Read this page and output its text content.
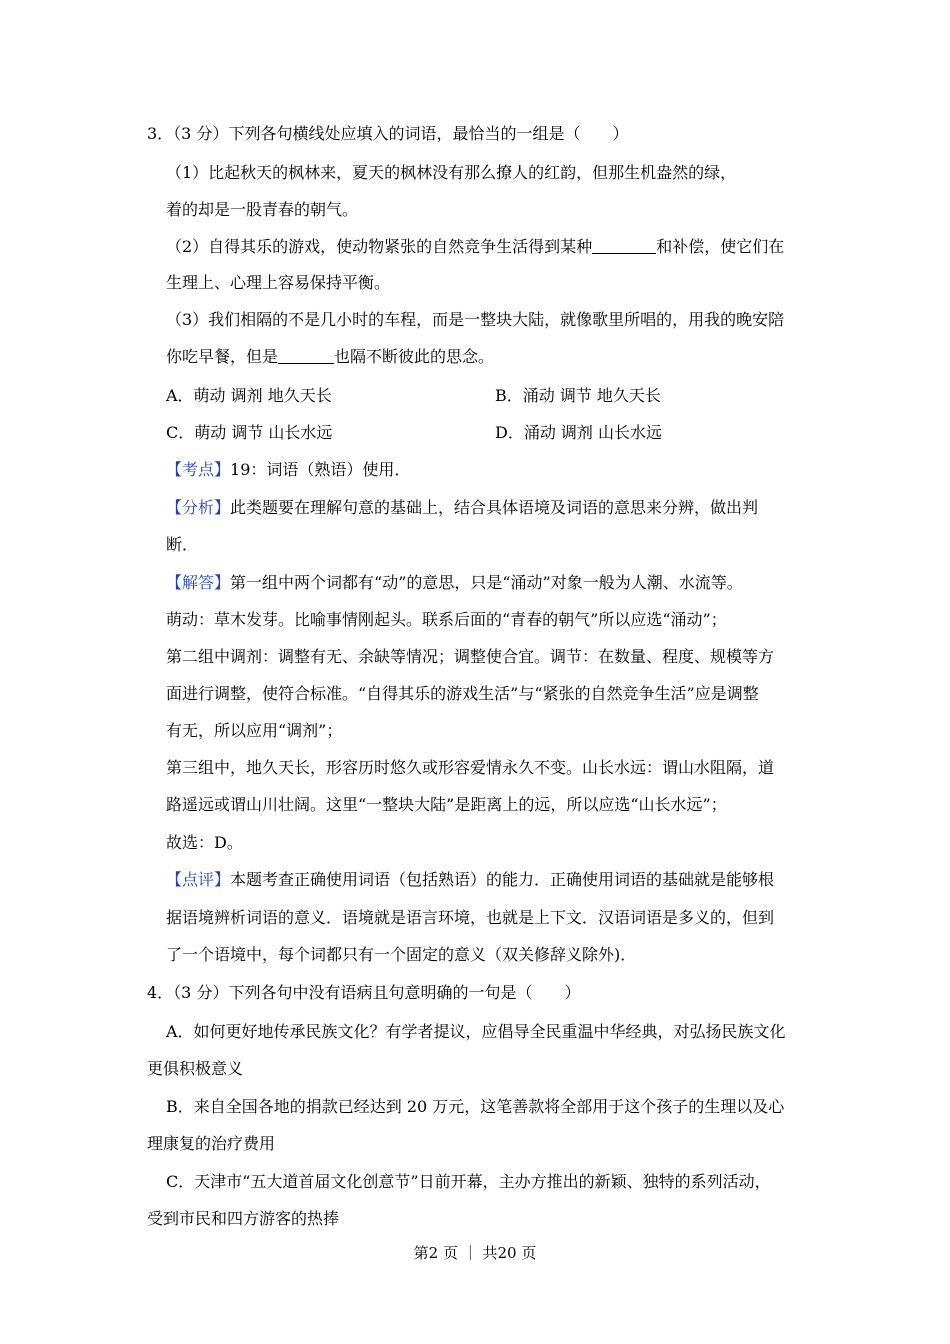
3．（3 分）下列各句横线处应填入的词语，最恰当的一组是（　　）
（1）比起秋天的枫林来，夏天的枫林没有那么撩人的红韵，但那生机盎然的绿，
着的却是一股青春的朝气。
（2）自得其乐的游戏，使动物紧张的自然竞争生活得到某种	和补偿，使它们在
生理上、心理上容易保持平衡。
（3）我们相隔的不是几小时的车程，而是一整块大陆，就像歌里所唱的，用我的晚安陪
你吃早餐，但是	也隔不断彼此的思念。
A．萌动 调剂 地久天长	B．涌动 调节 地久天长
C．萌动 调节 山长水远	D．涌动 调剂 山长水远
【考点】19：词语（熟语）使用．
【分析】此类题要在理解句意的基础上，结合具体语境及词语的意思来分辨，做出判
断．
【解答】第一组中两个词都有“动”的意思，只是“涌动”对象一般为人潮、水流等。
萌动：草木发芽。比喻事情刚起头。联系后面的“青春的朝气”所以应选“涌动”；
第二组中调剂：调整有无、余缺等情况；调整使合宜。调节：在数量、程度、规模等方
面进行调整，使符合标准。“自得其乐的游戏生活”与“紧张的自然竞争生活”应是调整
有无，所以应用“调剂”；
第三组中，地久天长，形容历时悠久或形容爱情永久不变。山长水远：谓山水阻隔，道
路遥远或谓山川壮阔。这里“一整块大陆”是距离上的远，所以应选“山长水远”；
故选：D。
【点评】本题考查正确使用词语（包括熟语）的能力．正确使用词语的基础就是能够根
据语境辨析词语的意义．语境就是语言环境，也就是上下文．汉语词语是多义的，但到
了一个语境中，每个词都只有一个固定的意义（双关修辞义除外)．
4．（3 分）下列各句中没有语病且句意明确的一句是（　　）
A．如何更好地传承民族文化？有学者提议，应倡导全民重温中华经典，对弘扬民族文化
更俱积极意义
B．来自全国各地的捐款已经达到 20 万元，这笔善款将全部用于这个孩子的生理以及心
理康复的治疗费用
C．天津市“五大道首届文化创意节”日前开幕，主办方推出的新颖、独特的系列活动，
受到市民和四方游客的热捧
第2 页 ｜ 共20 页
